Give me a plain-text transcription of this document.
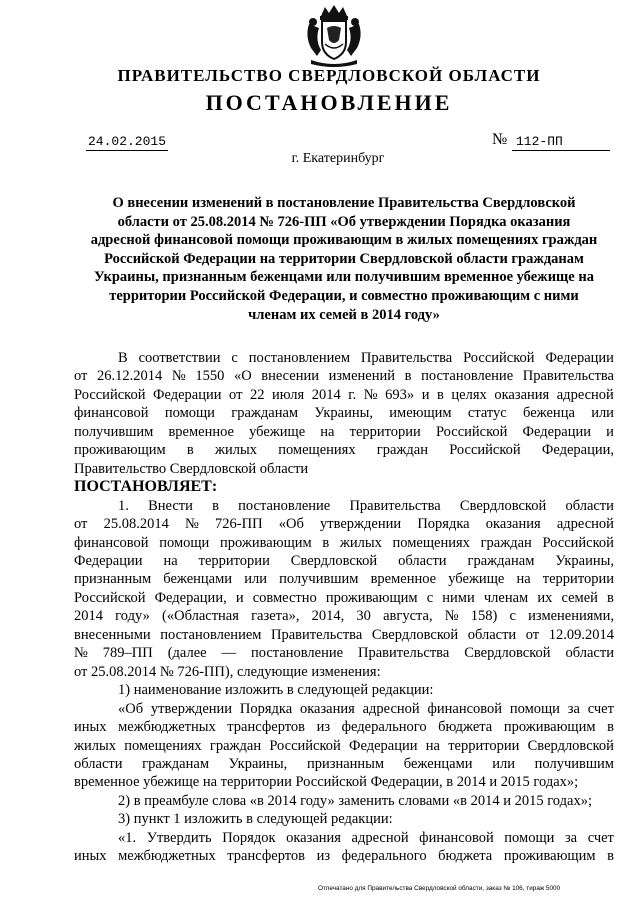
ПРАВИТЕЛЬСТВО СВЕРДЛОВСКОЙ ОБЛАСТИ
ПОСТАНОВЛЕНИЕ
24.02.2015	№ 112-ПП
г. Екатеринбург
О внесении изменений в постановление Правительства Свердловской
области от 25.08.2014 № 726-ПП «Об утверждении Порядка оказания
адресной финансовой помощи проживающим в жилых помещениях граждан
Российской Федерации на территории Свердловской области гражданам
Украины, признанным беженцами или получившим временное убежище на
территории Российской Федерации, и совместно проживающим с ними
членам их семей в 2014 году»
В соответствии с постановлением Правительства Российской Федерации
от 26.12.2014 № 1550 «О внесении изменений в постановление Правительства
Российской Федерации от 22 июля 2014 г. № 693» и в целях оказания адресной
финансовой помощи гражданам Украины, имеющим статус беженца или
получившим временное убежище на территории Российской Федерации и
проживающим в жилых помещениях граждан Российской Федерации,
Правительство Свердловской области
ПОСТАНОВЛЯЕТ:
1. Внести в постановление Правительства Свердловской области
от 25.08.2014 № 726-ПП «Об утверждении Порядка оказания адресной
финансовой помощи проживающим в жилых помещениях граждан Российской
Федерации на территории Свердловской области гражданам Украины,
признанным беженцами или получившим временное убежище на территории
Российской Федерации, и совместно проживающим с ними членам их семей в
2014 году» («Областная газета», 2014, 30 августа, № 158) с изменениями,
внесенными постановлением Правительства Свердловской области от 12.09.2014
№ 789–ПП (далее — постановление Правительства Свердловской области
от 25.08.2014 № 726-ПП), следующие изменения:
1) наименование изложить в следующей редакции:
«Об утверждении Порядка оказания адресной финансовой помощи за счет
иных межбюджетных трансфертов из федерального бюджета проживающим в
жилых помещениях граждан Российской Федерации на территории Свердловской
области гражданам Украины, признанным беженцами или получившим
временное убежище на территории Российской Федерации, в 2014 и 2015 годах»;
2) в преамбуле слова «в 2014 году» заменить словами «в 2014 и 2015 годах»;
3) пункт 1 изложить в следующей редакции:
«1. Утвердить Порядок оказания адресной финансовой помощи за счет
иных межбюджетных трансфертов из федерального бюджета проживающим в
Отпечатано для Правительства Свердловской области, заказ № 106, тираж 5000
